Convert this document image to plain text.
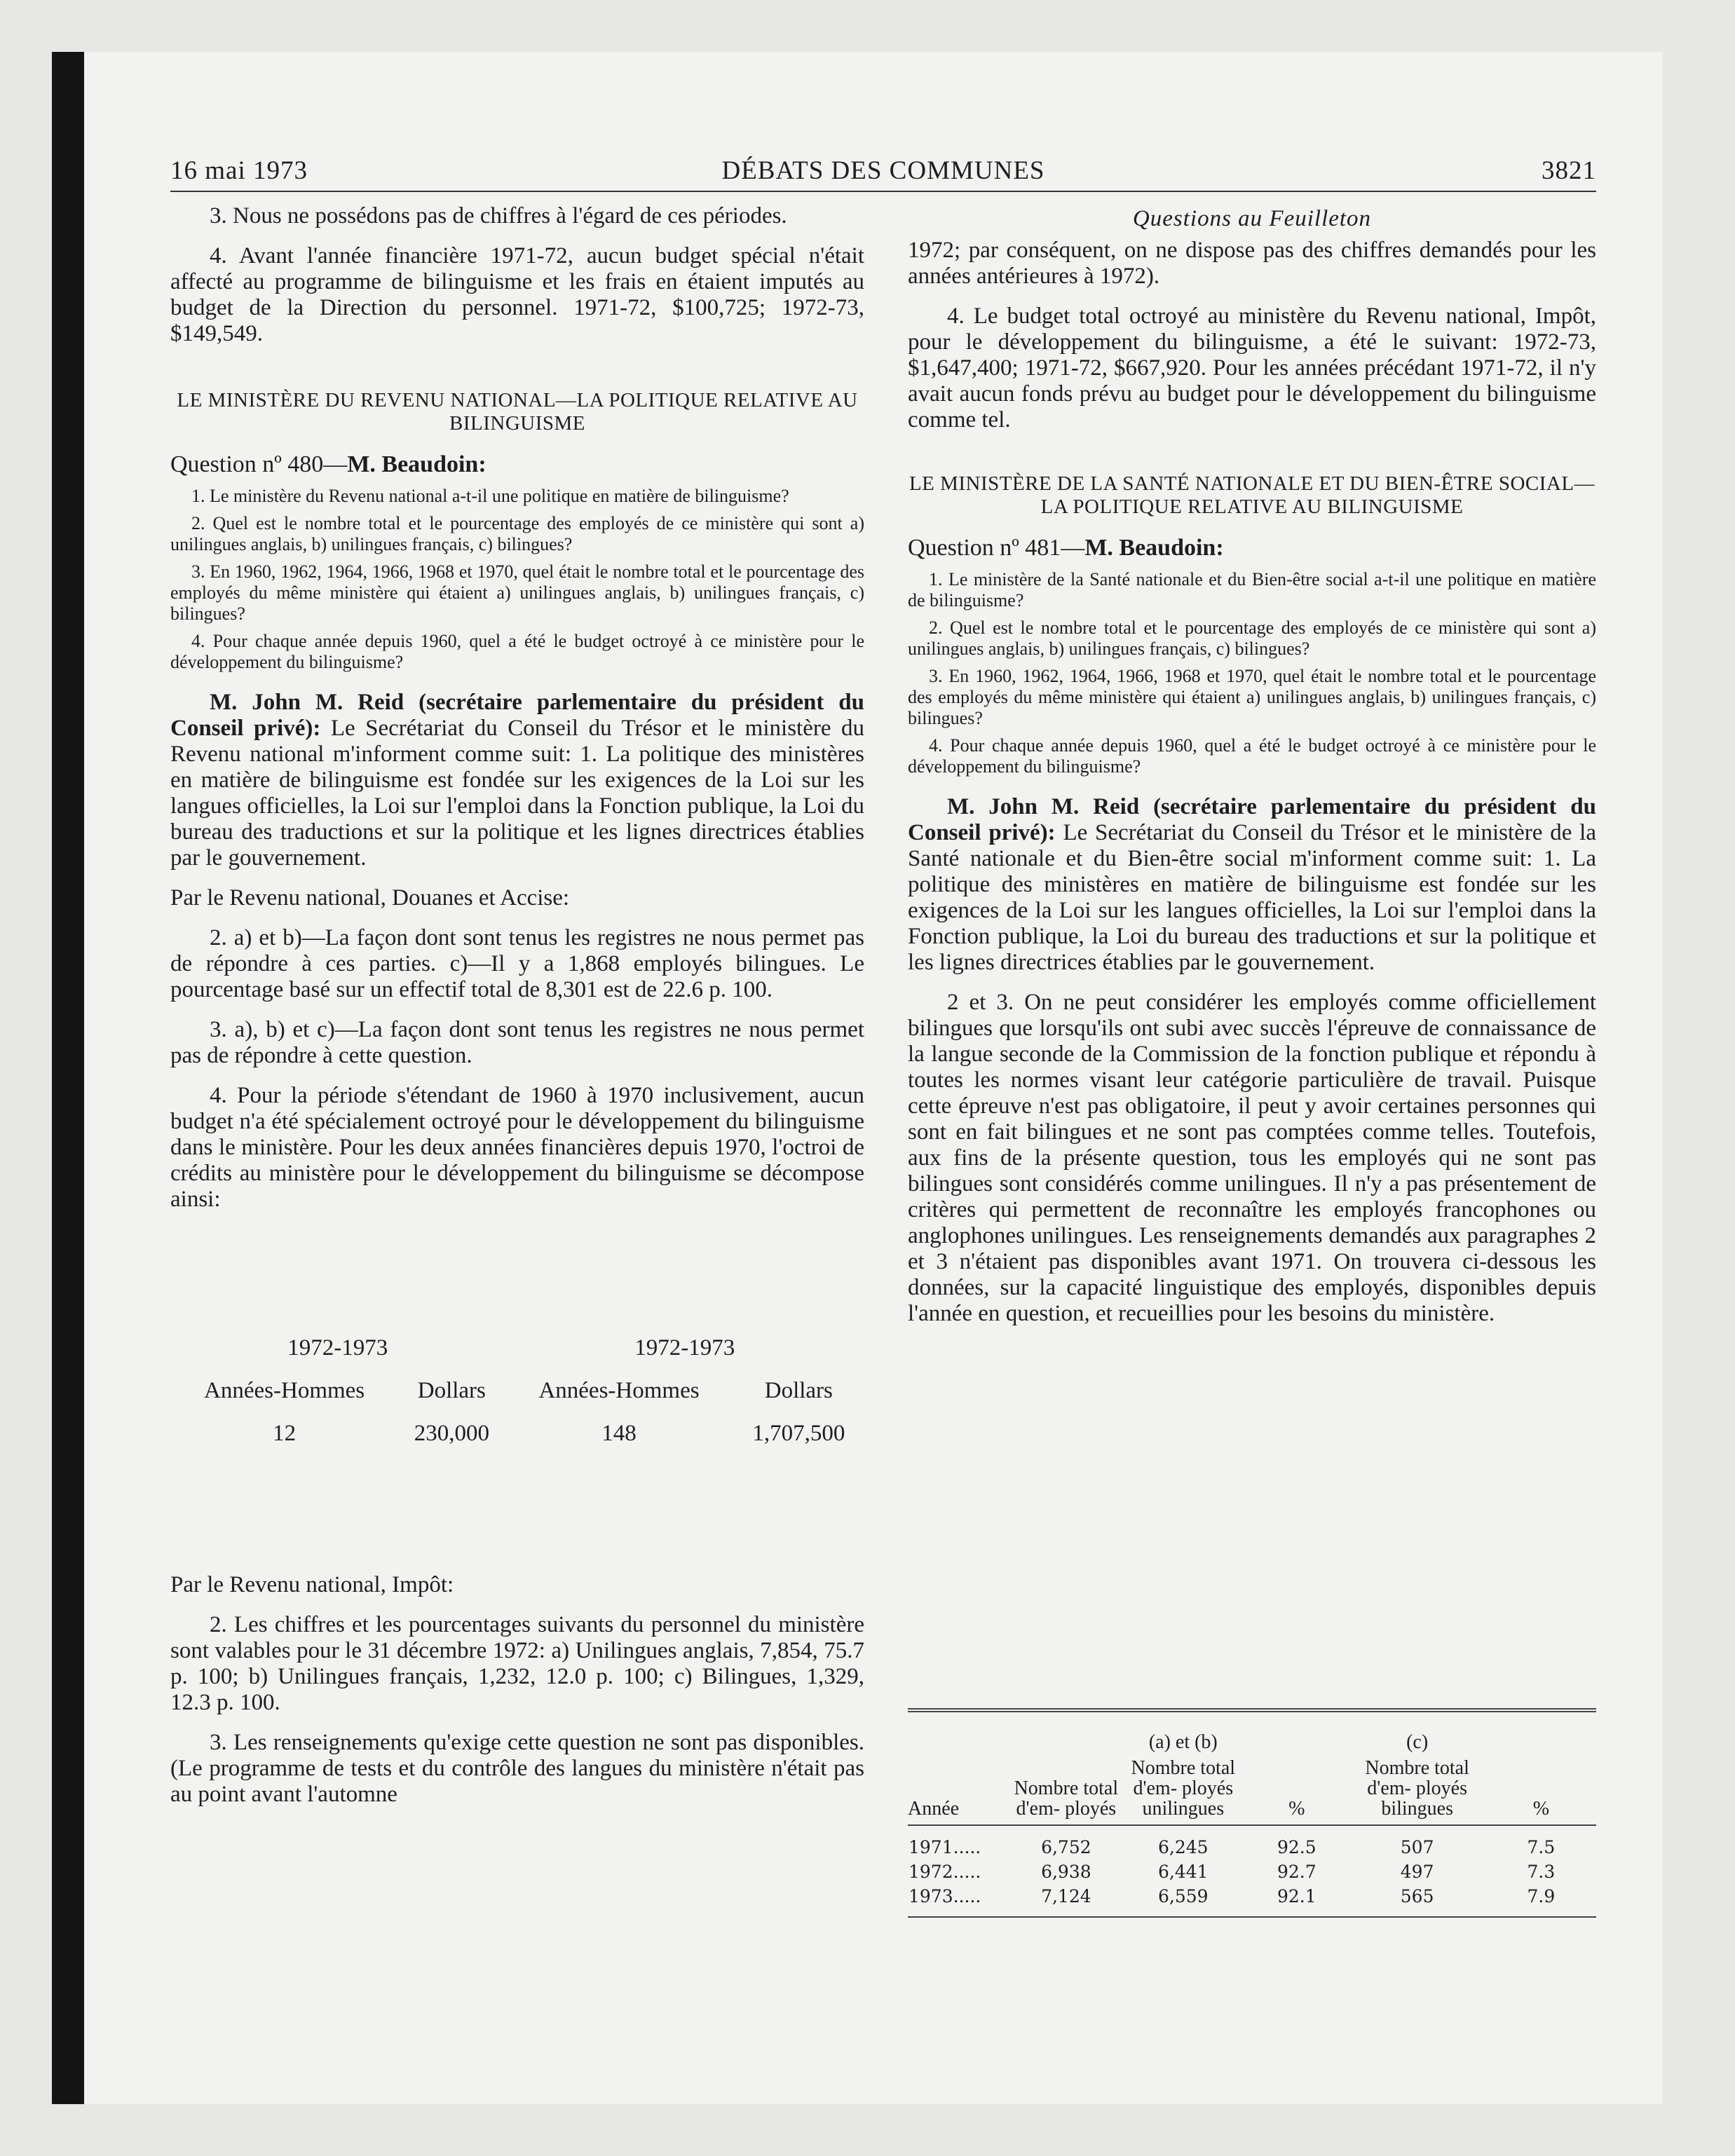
16 mai 1973	DÉBATS DES COMMUNES	3821

3. Nous ne possédons pas de chiffres à l'égard de ces périodes.

4. Avant l'année financière 1971-72, aucun budget spécial n'était affecté au programme de bilinguisme et les frais en étaient imputés au budget de la Direction du personnel. 1971-72, $100,725; 1972-73, $149,549.

LE MINISTÈRE DU REVENU NATIONAL—LA POLITIQUE RELATIVE AU BILINGUISME

Question nº 480—M. Beaudoin:

1. Le ministère du Revenu national a-t-il une politique en matière de bilinguisme?

2. Quel est le nombre total et le pourcentage des employés de ce ministère qui sont a) unilingues anglais, b) unilingues français, c) bilingues?

3. En 1960, 1962, 1964, 1966, 1968 et 1970, quel était le nombre total et le pourcentage des employés du même ministère qui étaient a) unilingues anglais, b) unilingues français, c) bilingues?

4. Pour chaque année depuis 1960, quel a été le budget octroyé à ce ministère pour le développement du bilinguisme?

M. John M. Reid (secrétaire parlementaire du président du Conseil privé): Le Secrétariat du Conseil du Trésor et le ministère du Revenu national m'informent comme suit: 1. La politique des ministères en matière de bilinguisme est fondée sur les exigences de la Loi sur les langues officielles, la Loi sur l'emploi dans la Fonction publique, la Loi du bureau des traductions et sur la politique et les lignes directrices établies par le gouvernement.

Par le Revenu national, Douanes et Accise:

2. a) et b)—La façon dont sont tenus les registres ne nous permet pas de répondre à ces parties. c)—Il y a 1,868 employés bilingues. Le pourcentage basé sur un effectif total de 8,301 est de 22.6 p. 100.

3. a), b) et c)—La façon dont sont tenus les registres ne nous permet pas de répondre à cette question.

4. Pour la période s'étendant de 1960 à 1970 inclusivement, aucun budget n'a été spécialement octroyé pour le développement du bilinguisme dans le ministère. Pour les deux années financières depuis 1970, l'octroi de crédits au ministère pour le développement du bilinguisme se décompose ainsi:

1972-1973		1972-1973	
Années-Hommes	Dollars	Années-Hommes	Dollars
12	230,000	148	1,707,500

Par le Revenu national, Impôt:

2. Les chiffres et les pourcentages suivants du personnel du ministère sont valables pour le 31 décembre 1972: a) Unilingues anglais, 7,854, 75.7 p. 100; b) Unilingues français, 1,232, 12.0 p. 100; c) Bilingues, 1,329, 12.3 p. 100.

3. Les renseignements qu'exige cette question ne sont pas disponibles. (Le programme de tests et du contrôle des langues du ministère n'était pas au point avant l'automne

Questions au Feuilleton

1972; par conséquent, on ne dispose pas des chiffres demandés pour les années antérieures à 1972).

4. Le budget total octroyé au ministère du Revenu national, Impôt, pour le développement du bilinguisme, a été le suivant: 1972-73, $1,647,400; 1971-72, $667,920. Pour les années précédant 1971-72, il n'y avait aucun fonds prévu au budget pour le développement du bilinguisme comme tel.

LE MINISTÈRE DE LA SANTÉ NATIONALE ET DU BIEN-ÊTRE SOCIAL—LA POLITIQUE RELATIVE AU BILINGUISME

Question nº 481—M. Beaudoin:

1. Le ministère de la Santé nationale et du Bien-être social a-t-il une politique en matière de bilinguisme?

2. Quel est le nombre total et le pourcentage des employés de ce ministère qui sont a) unilingues anglais, b) unilingues français, c) bilingues?

3. En 1960, 1962, 1964, 1966, 1968 et 1970, quel était le nombre total et le pourcentage des employés du même ministère qui étaient a) unilingues anglais, b) unilingues français, c) bilingues?

4. Pour chaque année depuis 1960, quel a été le budget octroyé à ce ministère pour le développement du bilinguisme?

M. John M. Reid (secrétaire parlementaire du président du Conseil privé): Le Secrétariat du Conseil du Trésor et le ministère de la Santé nationale et du Bien-être social m'informent comme suit: 1. La politique des ministères en matière de bilinguisme est fondée sur les exigences de la Loi sur les langues officielles, la Loi sur l'emploi dans la Fonction publique, la Loi du bureau des traductions et sur la politique et les lignes directrices établies par le gouvernement.

2 et 3. On ne peut considérer les employés comme officiellement bilingues que lorsqu'ils ont subi avec succès l'épreuve de connaissance de la langue seconde de la Commission de la fonction publique et répondu à toutes les normes visant leur catégorie particulière de travail. Puisque cette épreuve n'est pas obligatoire, il peut y avoir certaines personnes qui sont en fait bilingues et ne sont pas comptées comme telles. Toutefois, aux fins de la présente question, tous les employés qui ne sont pas bilingues sont considérés comme unilingues. Il n'y a pas présentement de critères qui permettent de reconnaître les employés francophones ou anglophones unilingues. Les renseignements demandés aux paragraphes 2 et 3 n'étaient pas disponibles avant 1971. On trouvera ci-dessous les données, sur la capacité linguistique des employés, disponibles depuis l'année en question, et recueillies pour les besoins du ministère.

		(a) et (b)		(c)	
Année	Nombre total d'em- ployés	Nombre total d'em- ployés unilingues	%	Nombre total d'em- ployés bilingues	%
1971.....	6,752	6,245	92.5	507	7.5
1972.....	6,938	6,441	92.7	497	7.3
1973.....	7,124	6,559	92.1	565	7.9
